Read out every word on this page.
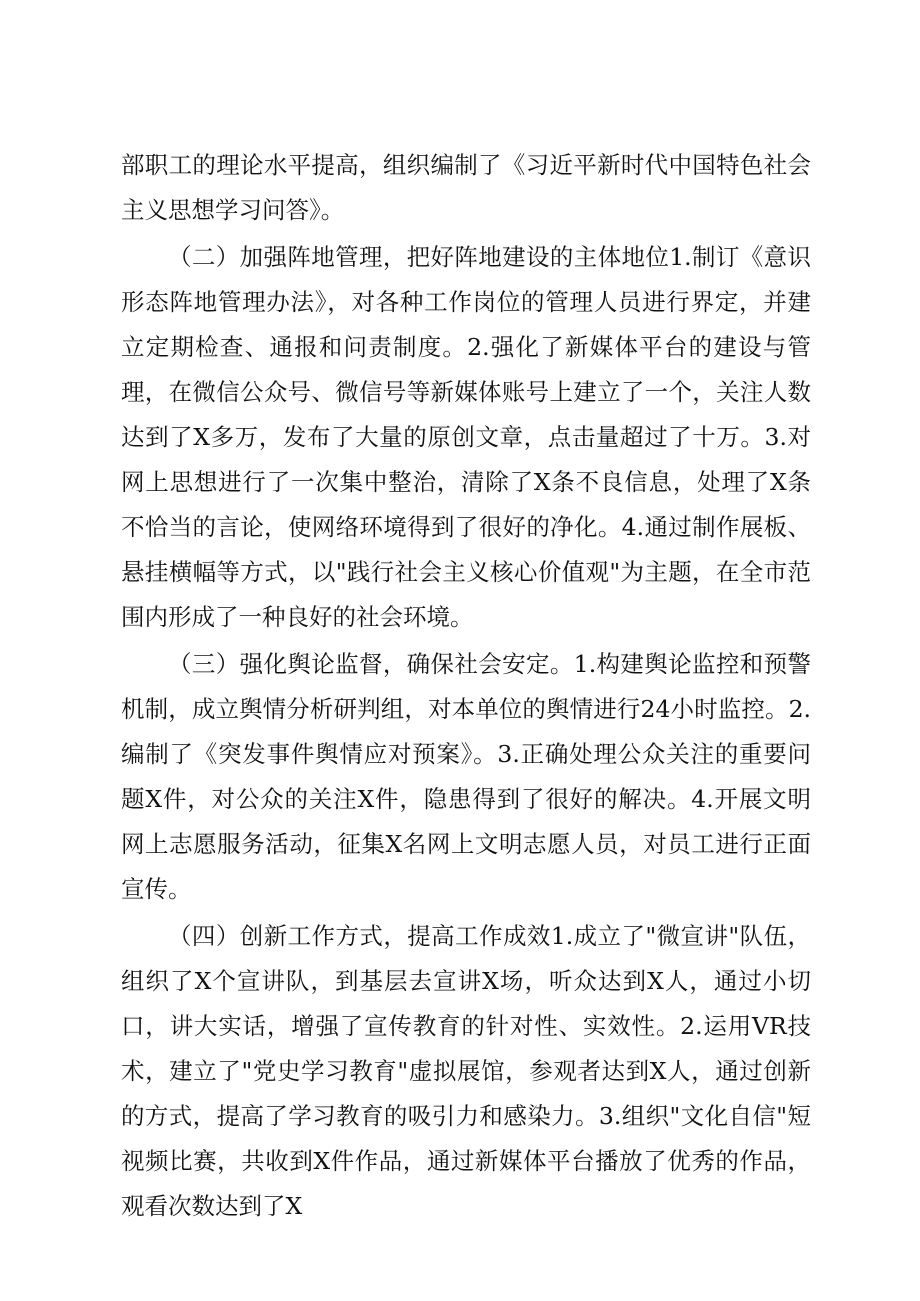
部职工的理论水平提高，组织编制了《习近平新时代中国特色社会主义思想学习问答》。

（二）加强阵地管理，把好阵地建设的主体地位1.制订《意识形态阵地管理办法》，对各种工作岗位的管理人员进行界定，并建立定期检查、通报和问责制度。2.强化了新媒体平台的建设与管理，在微信公众号、微信号等新媒体账号上建立了一个，关注人数达到了X多万，发布了大量的原创文章，点击量超过了十万。3.对网上思想进行了一次集中整治，清除了X条不良信息，处理了X条不恰当的言论，使网络环境得到了很好的净化。4.通过制作展板、悬挂横幅等方式，以"践行社会主义核心价值观"为主题，在全市范围内形成了一种良好的社会环境。

（三）强化舆论监督，确保社会安定。1.构建舆论监控和预警机制，成立舆情分析研判组，对本单位的舆情进行24小时监控。2.编制了《突发事件舆情应对预案》。3.正确处理公众关注的重要问题X件，对公众的关注X件，隐患得到了很好的解决。4.开展文明网上志愿服务活动，征集X名网上文明志愿人员，对员工进行正面宣传。

（四）创新工作方式，提高工作成效1.成立了"微宣讲"队伍，组织了X个宣讲队，到基层去宣讲X场，听众达到X人，通过小切口，讲大实话，增强了宣传教育的针对性、实效性。2.运用VR技术，建立了"党史学习教育"虚拟展馆，参观者达到X人，通过创新的方式，提高了学习教育的吸引力和感染力。3.组织"文化自信"短视频比赛，共收到X件作品，通过新媒体平台播放了优秀的作品，观看次数达到了X
